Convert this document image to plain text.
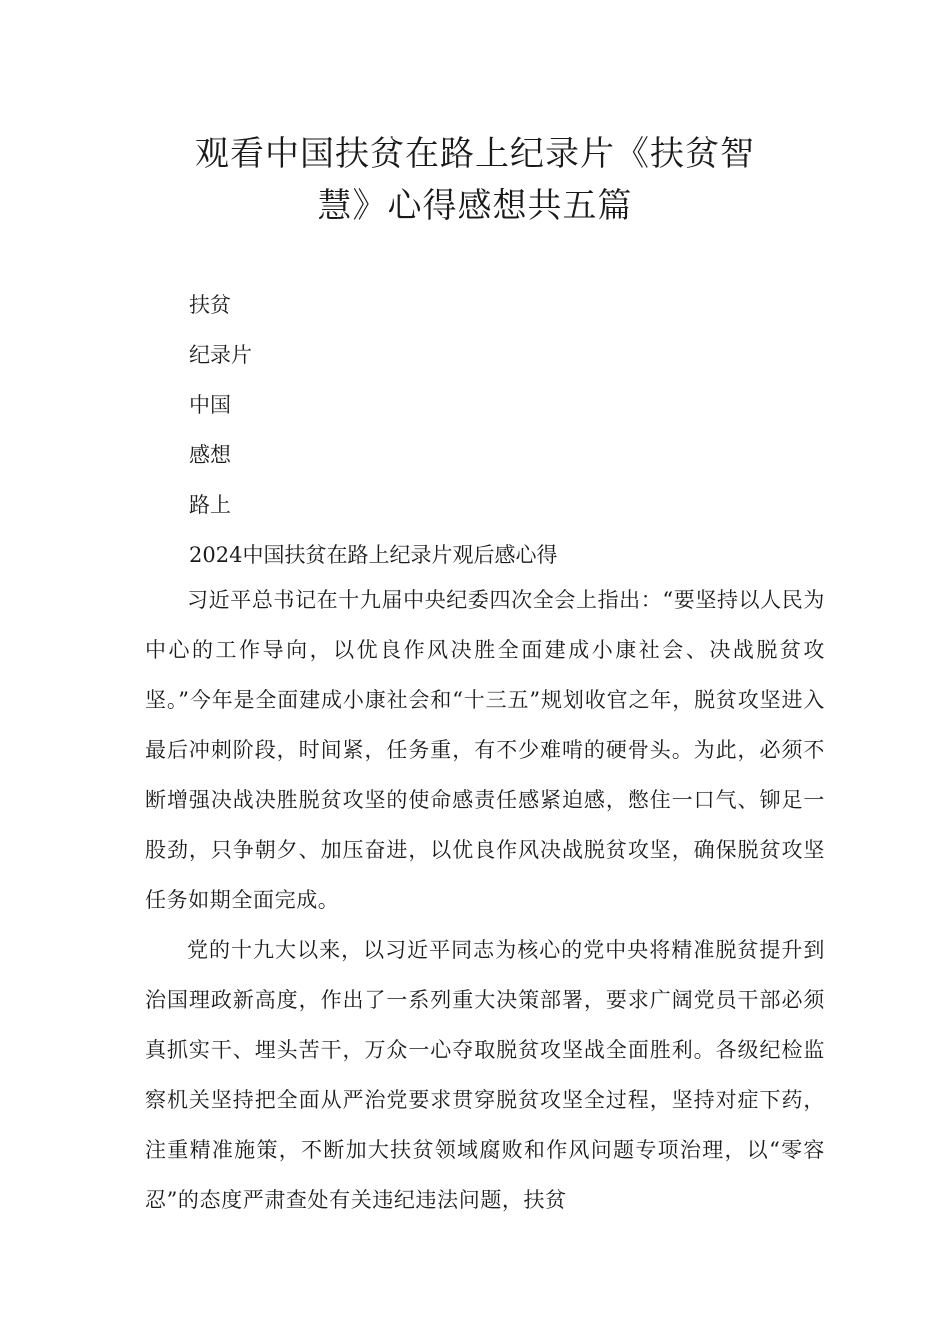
观看中国扶贫在路上纪录片《扶贫智
慧》心得感想共五篇
扶贫
纪录片
中国
感想
路上
2024中国扶贫在路上纪录片观后感心得

习近平总书记在十九届中央纪委四次全会上指出：“要坚持以人民为中心的工作导向，以优良作风决胜全面建成小康社会、决战脱贫攻坚。”今年是全面建成小康社会和“十三五”规划收官之年，脱贫攻坚进入最后冲刺阶段，时间紧，任务重，有不少难啃的硬骨头。为此，必须不断增强决战决胜脱贫攻坚的使命感责任感紧迫感，憋住一口气、铆足一股劲，只争朝夕、加压奋进，以优良作风决战脱贫攻坚，确保脱贫攻坚任务如期全面完成。

党的十九大以来，以习近平同志为核心的党中央将精准脱贫提升到治国理政新高度，作出了一系列重大决策部署，要求广阔党员干部必须真抓实干、埋头苦干，万众一心夺取脱贫攻坚战全面胜利。各级纪检监察机关坚持把全面从严治党要求贯穿脱贫攻坚全过程，坚持对症下药，注重精准施策，不断加大扶贫领域腐败和作风问题专项治理，以“零容忍”的态度严肃查处有关违纪违法问题，扶贫
